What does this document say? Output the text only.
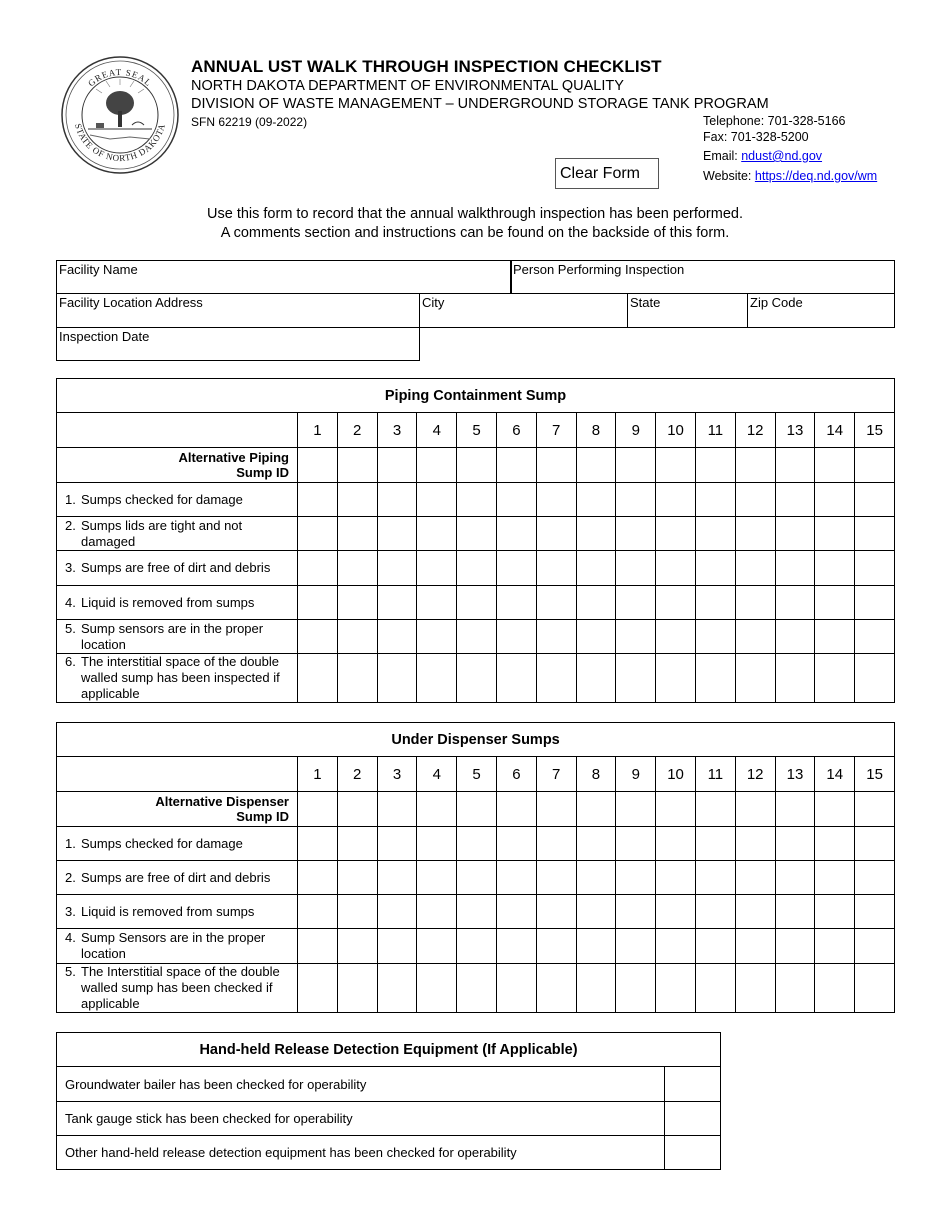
GREAT SEAL
STATE OF NORTH DAKOTA
ANNUAL UST WALK THROUGH INSPECTION CHECKLIST
NORTH DAKOTA DEPARTMENT OF ENVIRONMENTAL QUALITY
DIVISION OF WASTE MANAGEMENT – UNDERGROUND STORAGE TANK PROGRAM
SFN 62219 (09-2022)	Telephone: 701-328-5166
Fax: 701-328-5200
Email: ndust@nd.gov
Website: https://deq.nd.gov/wm
Clear Form
Use this form to record that the annual walkthrough inspection has been performed.
A comments section and instructions can be found on the backside of this form.
Facility Name	Person Performing Inspection
Facility Location Address	City	State	Zip Code
Inspection Date
Piping Containment Sump															
	1	2	3	4	5	6	7	8	9	10	11	12	13	14	15
Alternative Piping
Sump ID															
1. Sumps checked for damage															
2. Sumps lids are tight and not damaged															
3. Sumps are free of dirt and debris															
4. Liquid is removed from sumps															
5. Sump sensors are in the proper location															
6. The interstitial space of the double walled sump has been inspected if applicable															
Under Dispenser Sumps															
	1	2	3	4	5	6	7	8	9	10	11	12	13	14	15
Alternative Dispenser
Sump ID															
1. Sumps checked for damage															
2. Sumps are free of dirt and debris															
3. Liquid is removed from sumps															
4. Sump Sensors are in the proper location															
5. The Interstitial space of the double walled sump has been checked if applicable															
Hand-held Release Detection Equipment (If Applicable)	
Groundwater bailer has been checked for operability	
Tank gauge stick has been checked for operability	
Other hand-held release detection equipment has been checked for operability	
